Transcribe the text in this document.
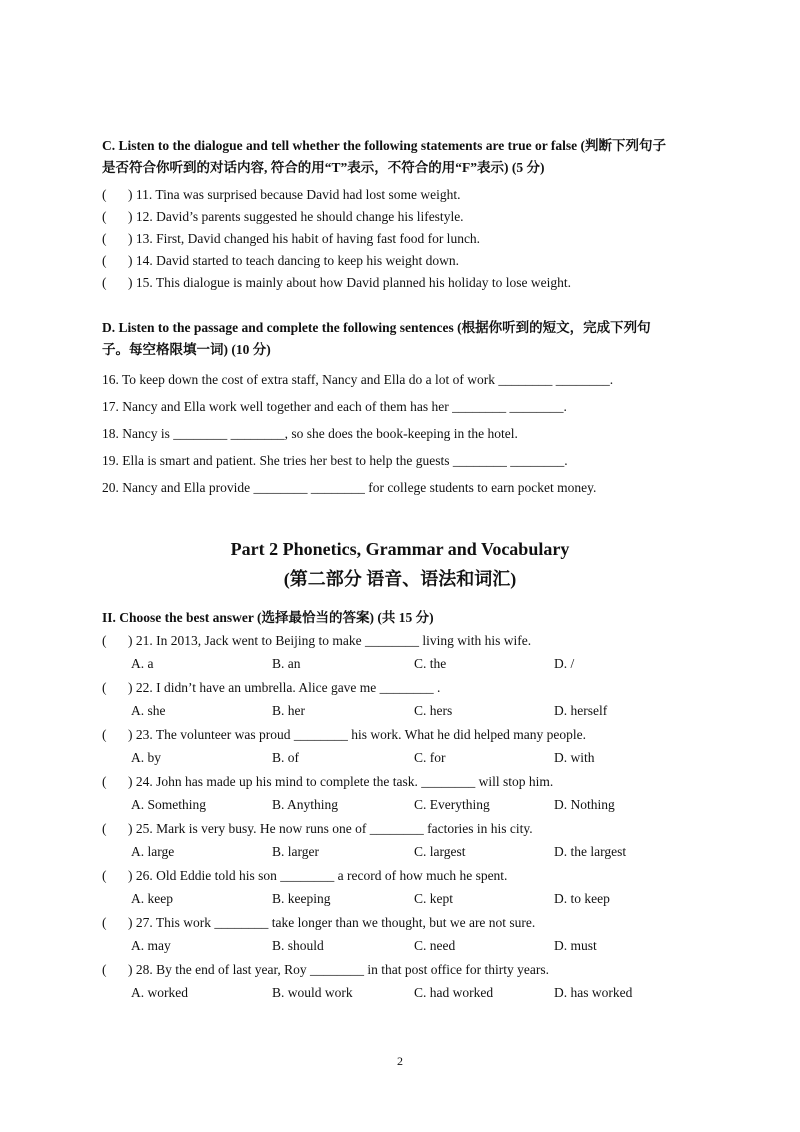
C. Listen to the dialogue and tell whether the following statements are true or false (判断下列句子
是否符合你听到的对话内容, 符合的用“T”表示，不符合的用“F”表示) (5 分)
( ) 11. Tina was surprised because David had lost some weight.
( ) 12. David’s parents suggested he should change his lifestyle.
( ) 13. First, David changed his habit of having fast food for lunch.
( ) 14. David started to teach dancing to keep his weight down.
( ) 15. This dialogue is mainly about how David planned his holiday to lose weight.
D. Listen to the passage and complete the following sentences (根据你听到的短文，完成下列句
子。每空格限填一词) (10 分)
16. To keep down the cost of extra staff, Nancy and Ella do a lot of work ________ ________.
17. Nancy and Ella work well together and each of them has her ________ ________.
18. Nancy is ________ ________, so she does the book-keeping in the hotel.
19. Ella is smart and patient. She tries her best to help the guests ________ ________.
20. Nancy and Ella provide ________ ________ for college students to earn pocket money.
Part 2 Phonetics, Grammar and Vocabulary
(第二部分 语音、语法和词汇)
II. Choose the best answer (选择最恰当的答案) (共 15 分)
( ) 21. In 2013, Jack went to Beijing to make ________ living with his wife.
A. a	B. an	C. the	D. /
( ) 22. I didn’t have an umbrella. Alice gave me ________ .
A. she	B. her	C. hers	D. herself
( ) 23. The volunteer was proud ________ his work. What he did helped many people.
A. by	B. of	C. for	D. with
( ) 24. John has made up his mind to complete the task. ________ will stop him.
A. Something	B. Anything	C. Everything	D. Nothing
( ) 25. Mark is very busy. He now runs one of ________ factories in his city.
A. large	B. larger	C. largest	D. the largest
( ) 26. Old Eddie told his son ________ a record of how much he spent.
A. keep	B. keeping	C. kept	D. to keep
( ) 27. This work ________ take longer than we thought, but we are not sure.
A. may	B. should	C. need	D. must
( ) 28. By the end of last year, Roy ________ in that post office for thirty years.
A. worked	B. would work	C. had worked	D. has worked
2
